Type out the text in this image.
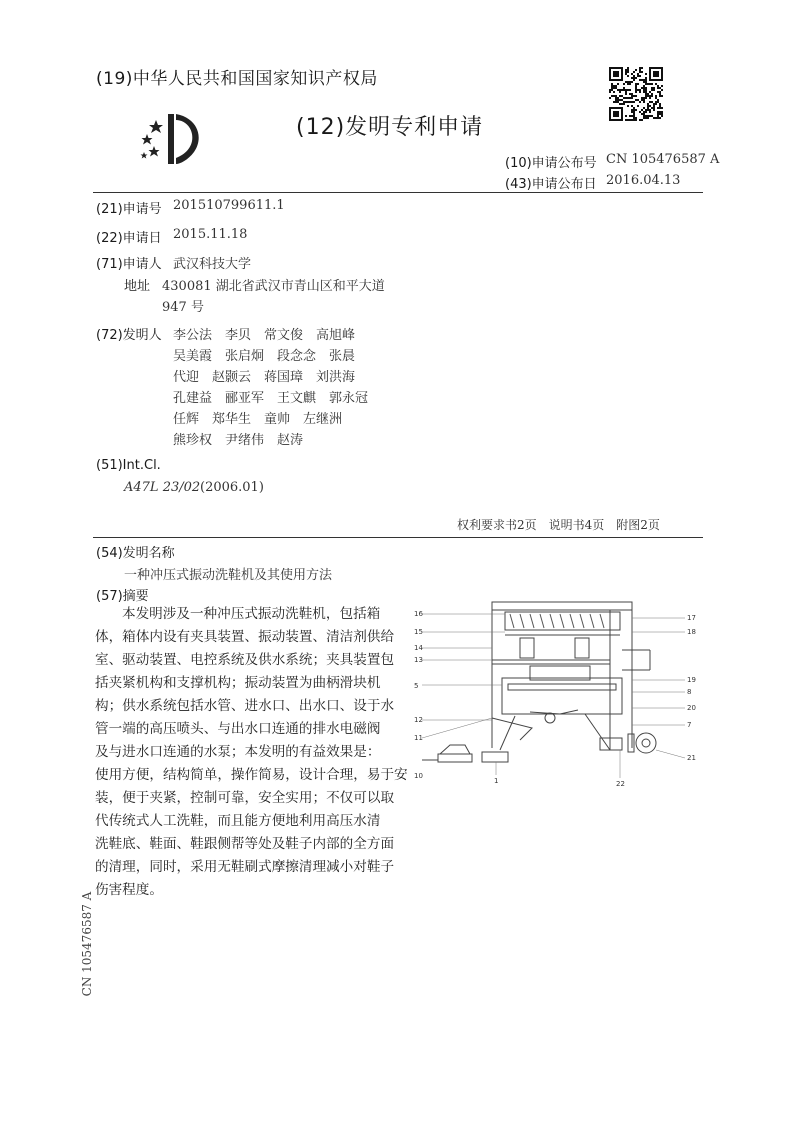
(19)中华人民共和国国家知识产权局
(12)发明专利申请
(10)申请公布号 CN 105476587 A
(43)申请公布日 2016.04.13
(21)申请号 201510799611.1
(22)申请日 2015.11.18
(71)申请人 武汉科技大学
地址 430081 湖北省武汉市青山区和平大道
947 号
(72)发明人 李公法　李贝　常文俊　高旭峰
吴美霞　张启炯　段念念　张晨
代迎　赵颢云　蒋国璋　刘洪海
孔建益　郦亚军　王文麒　郭永冠
任辉　郑华生　童帅　左继洲
熊珍权　尹绪伟　赵涛
(51)Int.Cl.
A47L 23/02 (2006.01)
权利要求书2页　说明书4页　附图2页
(54)发明名称
一种冲压式振动洗鞋机及其使用方法
(57)摘要
本发明涉及一种冲压式振动洗鞋机，包括箱
体，箱体内设有夹具装置、振动装置、清洁剂供给
室、驱动装置、电控系统及供水系统；夹具装置包
括夹紧机构和支撑机构；振动装置为曲柄滑块机
构；供水系统包括水管、进水口、出水口、设于水
管一端的高压喷头、与出水口连通的排水电磁阀
及与进水口连通的水泵；本发明的有益效果是：
使用方便，结构简单，操作简易，设计合理，易于安
装，便于夹紧，控制可靠，安全实用；不仅可以取
代传统式人工洗鞋，而且能方便地利用高压水清
洗鞋底、鞋面、鞋跟侧帮等处及鞋子内部的全方面
的清理，同时，采用无鞋刷式摩擦清理减小对鞋子
伤害程度。
16
15
14
13
5
12
11
10
17
18
19
8
20
7
21
1	22
CN 105476587 A
